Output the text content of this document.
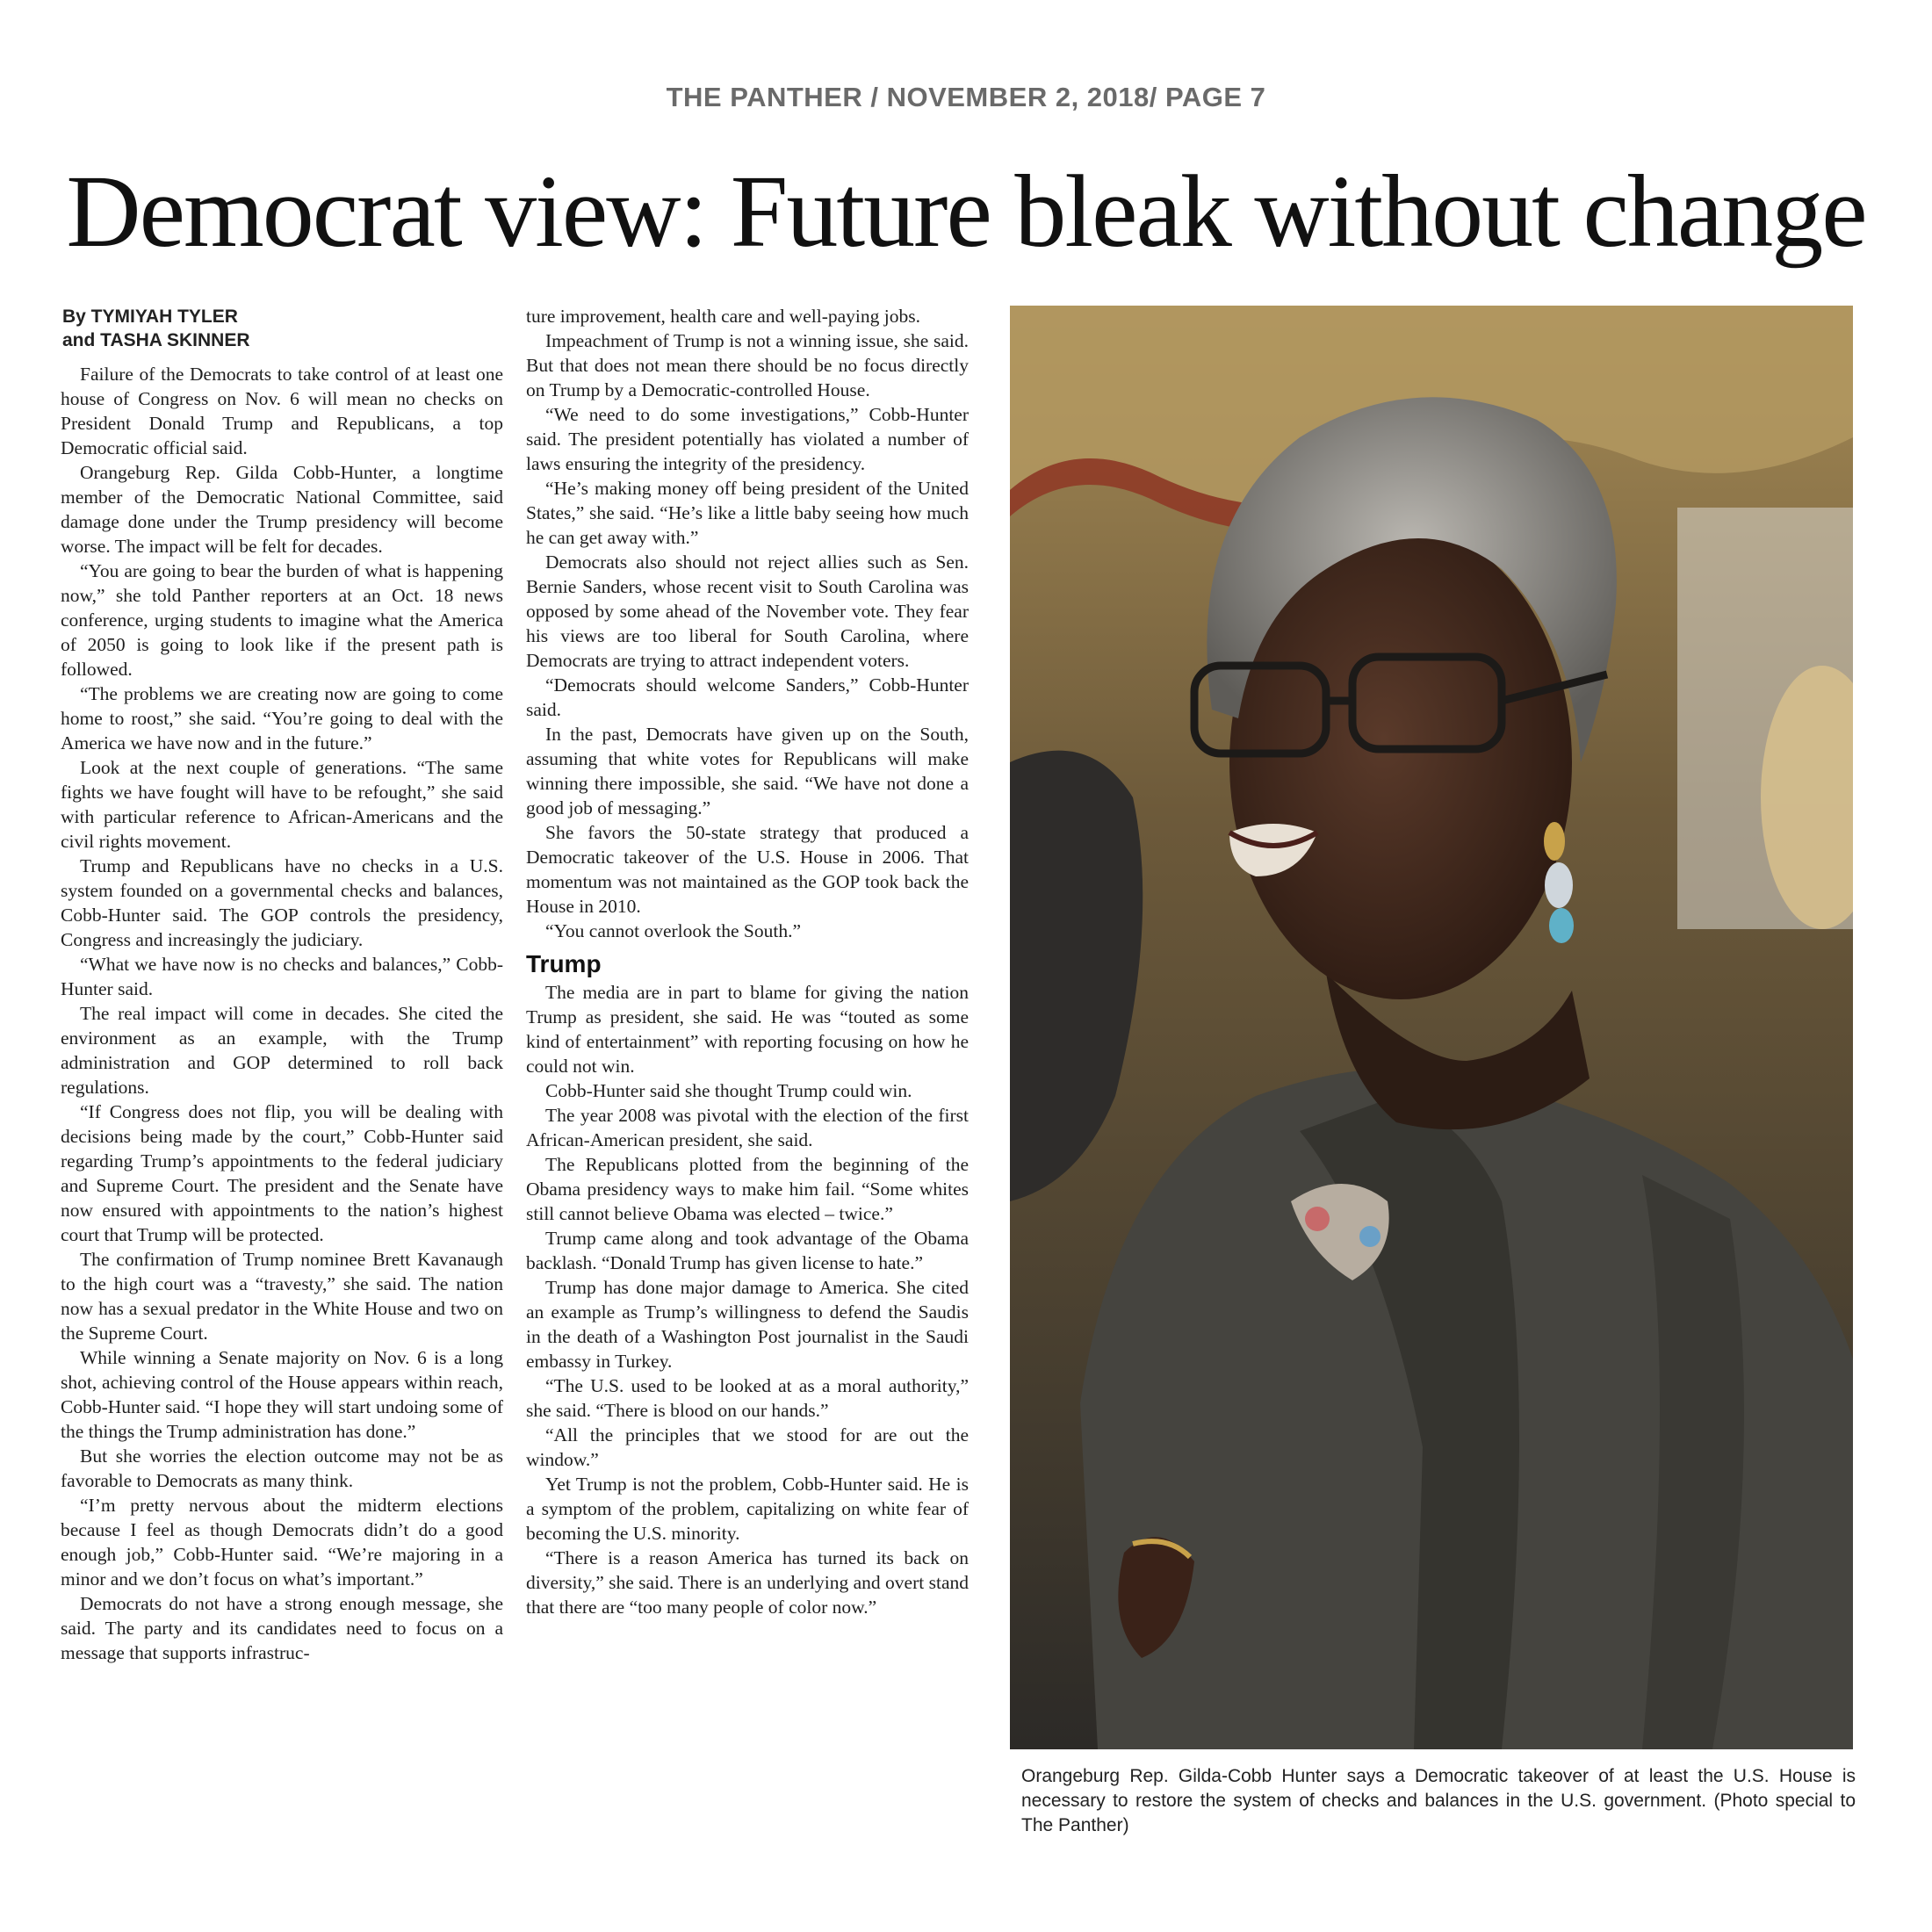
THE PANTHER / NOVEMBER 2, 2018/ PAGE 7
Democrat view: Future bleak without change
By TYMIYAH TYLER
and TASHA SKINNER

Failure of the Democrats to take control of at least one house of Congress on Nov. 6 will mean no checks on President Donald Trump and Republicans, a top Democratic official said.

Orangeburg Rep. Gilda Cobb-Hunter, a longtime member of the Democratic National Committee, said damage done under the Trump presidency will become worse. The impact will be felt for decades.

“You are going to bear the burden of what is happening now,” she told Panther reporters at an Oct. 18 news conference, urging students to imagine what the America of 2050 is going to look like if the present path is followed.

“The problems we are creating now are going to come home to roost,” she said. “You’re going to deal with the America we have now and in the future.”

Look at the next couple of generations. “The same fights we have fought will have to be refought,” she said with particular reference to African-Americans and the civil rights movement.

Trump and Republicans have no checks in a U.S. system founded on a governmental checks and balances, Cobb-Hunter said. The GOP controls the presidency, Congress and increasingly the judiciary.

“What we have now is no checks and balances,” Cobb-Hunter said.

The real impact will come in decades. She cited the environment as an example, with the Trump administration and GOP determined to roll back regulations.

“If Congress does not flip, you will be dealing with decisions being made by the court,” Cobb-Hunter said regarding Trump’s appointments to the federal judiciary and Supreme Court. The president and the Senate have now ensured with appointments to the nation’s highest court that Trump will be protected.

The confirmation of Trump nominee Brett Kavanaugh to the high court was a “travesty,” she said. The nation now has a sexual predator in the White House and two on the Supreme Court.

While winning a Senate majority on Nov. 6 is a long shot, achieving control of the House appears within reach, Cobb-Hunter said. “I hope they will start undoing some of the things the Trump administration has done.”

But she worries the election outcome may not be as favorable to Democrats as many think.

“I’m pretty nervous about the midterm elections because I feel as though Democrats didn’t do a good enough job,” Cobb-Hunter said. “We’re majoring in a minor and we don’t focus on what’s important.”

Democrats do not have a strong enough message, she said. The party and its candidates need to focus on a message that supports infrastruc-

ture improvement, health care and well-paying jobs.

Impeachment of Trump is not a winning issue, she said. But that does not mean there should be no focus directly on Trump by a Democratic-controlled House.

“We need to do some investigations,” Cobb-Hunter said. The president potentially has violated a number of laws ensuring the integrity of the presidency.

“He’s making money off being president of the United States,” she said. “He’s like a little baby seeing how much he can get away with.”

Democrats also should not reject allies such as Sen. Bernie Sanders, whose recent visit to South Carolina was opposed by some ahead of the November vote. They fear his views are too liberal for South Carolina, where Democrats are trying to attract independent voters.

“Democrats should welcome Sanders,” Cobb-Hunter said.

In the past, Democrats have given up on the South, assuming that white votes for Republicans will make winning there impossible, she said. “We have not done a good job of messaging.”

She favors the 50-state strategy that produced a Democratic takeover of the U.S. House in 2006. That momentum was not maintained as the GOP took back the House in 2010.

“You cannot overlook the South.”

Trump

The media are in part to blame for giving the nation Trump as president, she said. He was “touted as some kind of entertainment” with reporting focusing on how he could not win.

Cobb-Hunter said she thought Trump could win.

The year 2008 was pivotal with the election of the first African-American president, she said.

The Republicans plotted from the beginning of the Obama presidency ways to make him fail. “Some whites still cannot believe Obama was elected – twice.”

Trump came along and took advantage of the Obama backlash. “Donald Trump has given license to hate.”

Trump has done major damage to America. She cited an example as Trump’s willingness to defend the Saudis in the death of a Washington Post journalist in the Saudi embassy in Turkey.

“The U.S. used to be looked at as a moral authority,” she said. “There is blood on our hands.”

“All the principles that we stood for are out the window.”

Yet Trump is not the problem, Cobb-Hunter said. He is a symptom of the problem, capitalizing on white fear of becoming the U.S. minority.

“There is a reason America has turned its back on diversity,” she said. There is an underlying and overt stand that there are “too many people of color now.”

Orangeburg Rep. Gilda-Cobb Hunter says a Democratic takeover of at least the U.S. House is necessary to restore the system of checks and balances in the U.S. government. (Photo special to The Panther)
